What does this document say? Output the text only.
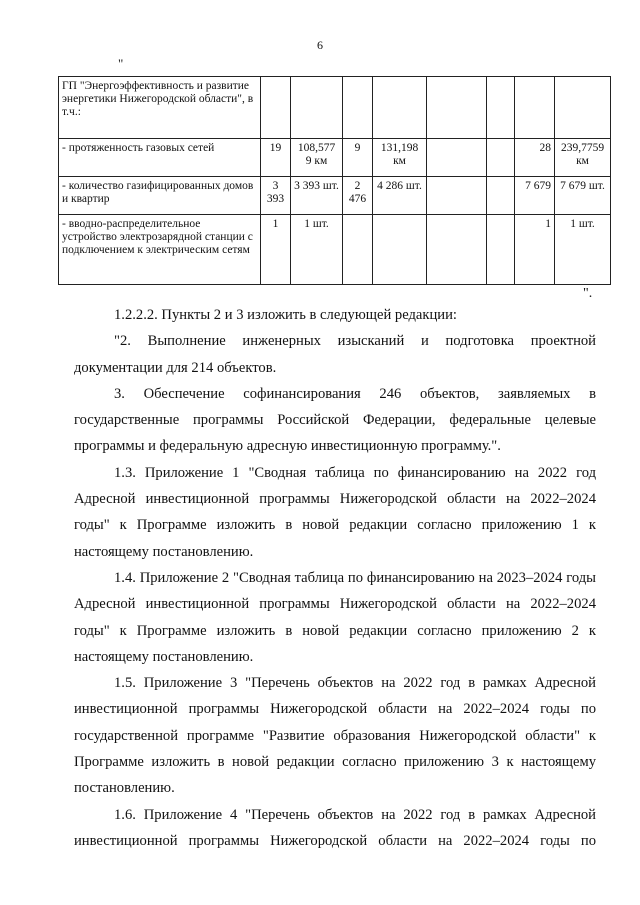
6
"
ГП "Энергоэффективность и развитие энергетики Нижегородской области", в т.ч.:								
- протяженность газовых сетей	19	108,577 9 км	9	131,198 км			28	239,7759 км
- количество газифицированных домов и квартир	3 393	3 393 шт.	2 476	4 286 шт.			7 679	7 679 шт.
- вводно-распределительное устройство электрозарядной станции с подключением к электрическим сетям	1	1 шт.					1	1 шт.
".

1.2.2.2. Пункты 2 и 3 изложить в следующей редакции:

"2. Выполнение инженерных изысканий и подготовка проектной документации для 214 объектов.

3. Обеспечение софинансирования 246 объектов, заявляемых в государственные программы Российской Федерации, федеральные целевые программы и федеральную адресную инвестиционную программу.".

1.3. Приложение 1 "Сводная таблица по финансированию на 2022 год Адресной инвестиционной программы Нижегородской области на 2022–2024 годы" к Программе изложить в новой редакции согласно приложению 1 к настоящему постановлению.

1.4. Приложение 2 "Сводная таблица по финансированию на 2023–2024 годы Адресной инвестиционной программы Нижегородской области на 2022–2024 годы" к Программе изложить в новой редакции согласно приложению 2 к настоящему постановлению.

1.5. Приложение 3 "Перечень объектов на 2022 год в рамках Адресной инвестиционной программы Нижегородской области на 2022–2024 годы по государственной программе "Развитие образования Нижегородской области" к Программе изложить в новой редакции согласно приложению 3 к настоящему постановлению.

1.6. Приложение 4 "Перечень объектов на 2022 год в рамках Адресной инвестиционной программы Нижегородской области на 2022–2024 годы по
